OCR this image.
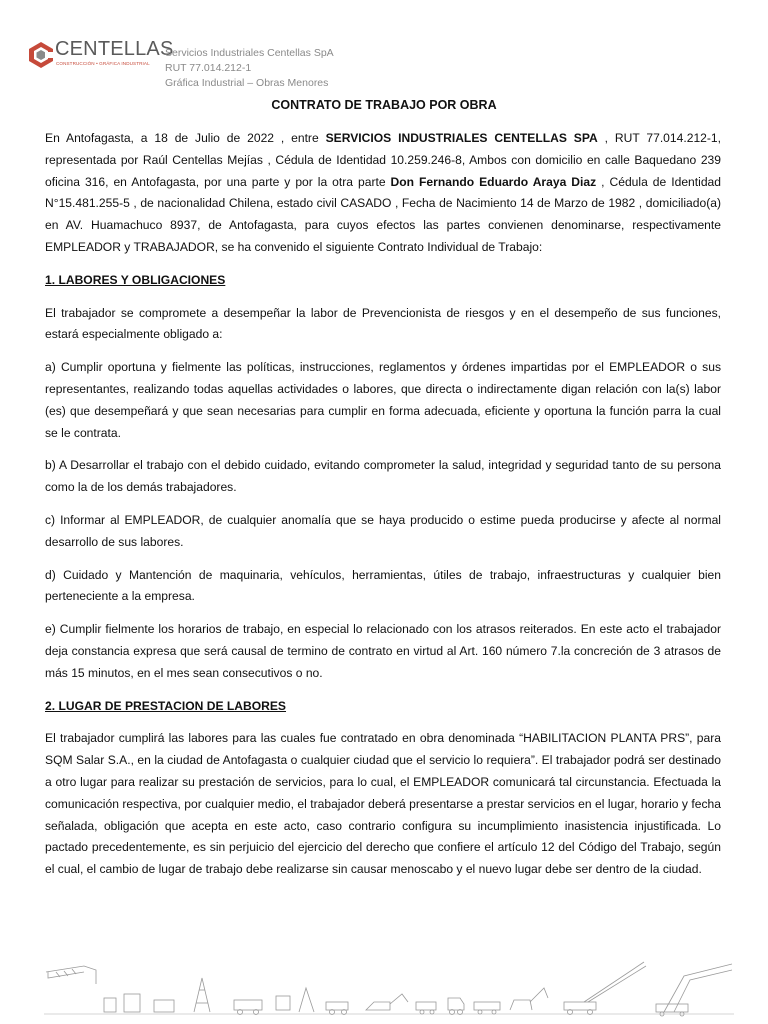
CENTELLAS
CONSTRUCCIÓN • GRÁFICA INDUSTRIAL
Servicios Industriales Centellas SpA
RUT 77.014.212-1
Gráfica Industrial – Obras Menores
CONTRATO DE TRABAJO POR OBRA

En Antofagasta, a 18 de Julio de 2022 , entre SERVICIOS INDUSTRIALES CENTELLAS SPA , RUT 77.014.212-1, representada por Raúl Centellas Mejías , Cédula de Identidad 10.259.246-8, Ambos con domicilio en calle Baquedano 239 oficina 316, en Antofagasta, por una parte y por la otra parte Don Fernando Eduardo Araya Diaz , Cédula de Identidad N°15.481.255-5 , de nacionalidad Chilena, estado civil CASADO , Fecha de Nacimiento 14 de Marzo de 1982 , domiciliado(a) en AV. Huamachuco 8937, de Antofagasta, para cuyos efectos las partes convienen denominarse, respectivamente EMPLEADOR y TRABAJADOR, se ha convenido el siguiente Contrato Individual de Trabajo:

1. LABORES Y OBLIGACIONES

El trabajador se compromete a desempeñar la labor de Prevencionista de riesgos y en el desempeño de sus funciones, estará especialmente obligado a:

a) Cumplir oportuna y fielmente las políticas, instrucciones, reglamentos y órdenes impartidas por el EMPLEADOR o sus representantes, realizando todas aquellas actividades o labores, que directa o indirectamente digan relación con la(s) labor (es) que desempeñará y que sean necesarias para cumplir en forma adecuada, eficiente y oportuna la función parra la cual se le contrata.

b) A Desarrollar el trabajo con el debido cuidado, evitando comprometer la salud, integridad y seguridad tanto de su persona como la de los demás trabajadores.

c) Informar al EMPLEADOR, de cualquier anomalía que se haya producido o estime pueda producirse y afecte al normal desarrollo de sus labores.

d) Cuidado y Mantención de maquinaria, vehículos, herramientas, útiles de trabajo, infraestructuras y cualquier bien perteneciente a la empresa.

e) Cumplir fielmente los horarios de trabajo, en especial lo relacionado con los atrasos reiterados. En este acto el trabajador deja constancia expresa que será causal de termino de contrato en virtud al Art. 160 número 7.la concreción de 3 atrasos de más 15 minutos, en el mes sean consecutivos o no.

2. LUGAR DE PRESTACION DE LABORES

El trabajador cumplirá las labores para las cuales fue contratado en obra denominada “HABILITACION PLANTA PRS”, para SQM Salar S.A., en la ciudad de Antofagasta o cualquier ciudad que el servicio lo requiera”. El trabajador podrá ser destinado a otro lugar para realizar su prestación de servicios, para lo cual, el EMPLEADOR comunicará tal circunstancia. Efectuada la comunicación respectiva, por cualquier medio, el trabajador deberá presentarse a prestar servicios en el lugar, horario y fecha señalada, obligación que acepta en este acto, caso contrario configura su incumplimiento inasistencia injustificada. Lo pactado precedentemente, es sin perjuicio del ejercicio del derecho que confiere el artículo 12 del Código del Trabajo, según el cual, el cambio de lugar de trabajo debe realizarse sin causar menoscabo y el nuevo lugar debe ser dentro de la ciudad.
